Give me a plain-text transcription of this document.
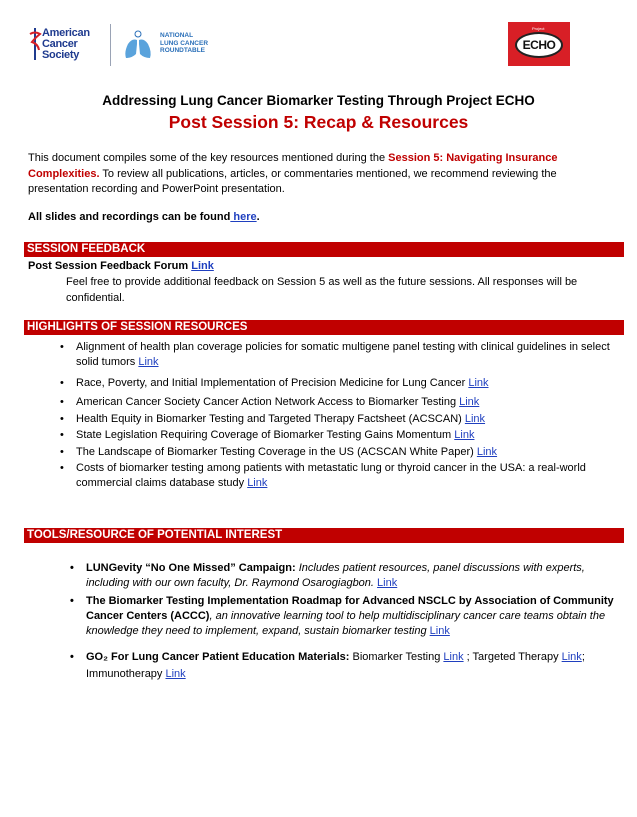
American
Cancer
Society
NATIONAL
LUNG CANCER
ROUNDTABLE
Project
ECHO
Addressing Lung Cancer Biomarker Testing Through Project ECHO
Post Session 5: Recap & Resources
This document compiles some of the key resources mentioned during the Session 5: Navigating Insurance Complexities. To review all publications, articles, or commentaries mentioned, we recommend reviewing the presentation recording and PowerPoint presentation.
All slides and recordings can be found here.
SESSION FEEDBACK
Post Session Feedback Forum Link
Feel free to provide additional feedback on Session 5 as well as the future sessions. All responses will be confidential.
HIGHLIGHTS OF SESSION RESOURCES
• Alignment of health plan coverage policies for somatic multigene panel testing with clinical guidelines in select solid tumors Link
• Race, Poverty, and Initial Implementation of Precision Medicine for Lung Cancer Link
• American Cancer Society Cancer Action Network Access to Biomarker Testing Link
• Health Equity in Biomarker Testing and Targeted Therapy Factsheet (ACSCAN) Link
• State Legislation Requiring Coverage of Biomarker Testing Gains Momentum Link
• The Landscape of Biomarker Testing Coverage in the US (ACSCAN White Paper) Link
• Costs of biomarker testing among patients with metastatic lung or thyroid cancer in the USA: a real-world commercial claims database study Link
TOOLS/RESOURCE OF POTENTIAL INTEREST
• LUNGevity “No One Missed” Campaign: Includes patient resources, panel discussions with experts, including with our own faculty, Dr. Raymond Osarogiagbon. Link
• The Biomarker Testing Implementation Roadmap for Advanced NSCLC by Association of Community Cancer Centers (ACCC), an innovative learning tool to help multidisciplinary cancer care teams obtain the knowledge they need to implement, expand, sustain biomarker testing Link
• GO₂ For Lung Cancer Patient Education Materials: Biomarker Testing Link ; Targeted Therapy Link; Immunotherapy Link
